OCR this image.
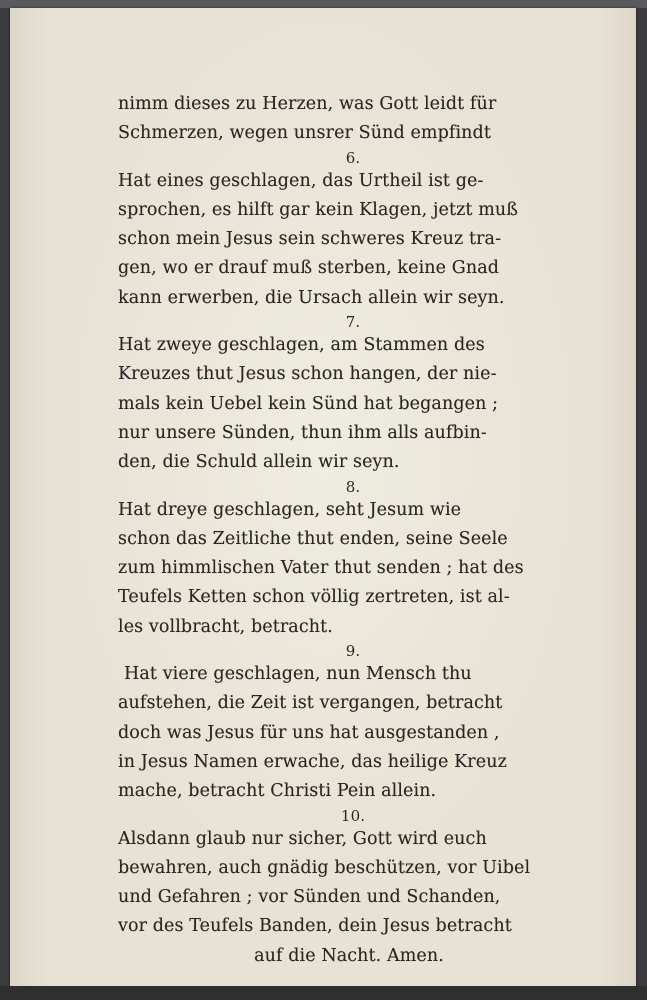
nimm dieses zu Herzen, was Gott leidt für
Schmerzen, wegen unsrer Sünd empfindt
6.
Hat eines geschlagen, das Urtheil ist ge-
sprochen, es hilft gar kein Klagen, jetzt muß
schon mein Jesus sein schweres Kreuz tra-
gen, wo er drauf muß sterben, keine Gnad
kann erwerben, die Ursach allein wir seyn.
7.
Hat zweye geschlagen, am Stammen des
Kreuzes thut Jesus schon hangen, der nie-
mals kein Uebel kein Sünd hat begangen ;
nur unsere Sünden, thun ihm alls aufbin-
den, die Schuld allein wir seyn.
8.
Hat dreye geschlagen, seht Jesum wie
schon das Zeitliche thut enden, seine Seele
zum himmlischen Vater thut senden ; hat des
Teufels Ketten schon völlig zertreten, ist al-
les vollbracht, betracht.
9.
Hat viere geschlagen, nun Mensch thu
aufstehen, die Zeit ist vergangen, betracht
doch was Jesus für uns hat ausgestanden ,
in Jesus Namen erwache, das heilige Kreuz
mache, betracht Christi Pein allein.
10.
Alsdann glaub nur sicher, Gott wird euch
bewahren, auch gnädig beschützen, vor Uibel
und Gefahren ; vor Sünden und Schanden,
vor des Teufels Banden, dein Jesus betracht
auf die Nacht. Amen.
